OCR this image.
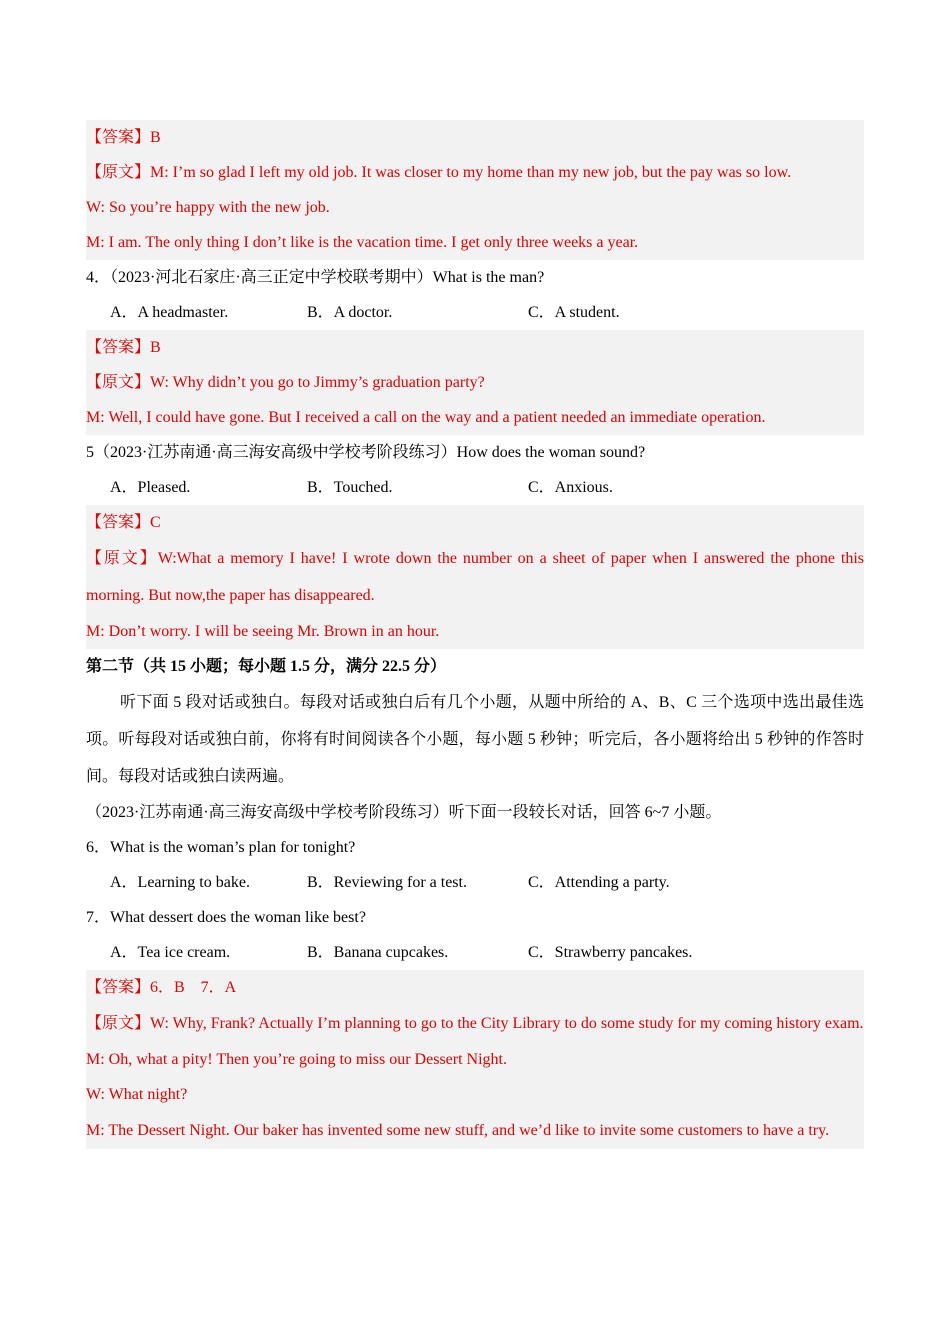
【答案】B
【原文】M: I’m so glad I left my old job. It was closer to my home than my new job, but the pay was so low.
W: So you’re happy with the new job.
M: I am. The only thing I don’t like is the vacation time. I get only three weeks a year.
4．（2023·河北石家庄·高三正定中学校联考期中）What is the man?
A．A headmaster.	B．A doctor.	C．A student.
【答案】B
【原文】W: Why didn’t you go to Jimmy’s graduation party?
M: Well, I could have gone. But I received a call on the way and a patient needed an immediate operation.
5（2023·江苏南通·高三海安高级中学校考阶段练习）How does the woman sound?
A．Pleased.	B．Touched.	C．Anxious.
【答案】C
【原文】W:What a memory I have! I wrote down the number on a sheet of paper when I answered the phone this morning. But now,the paper has disappeared.
M: Don’t worry. I will be seeing Mr. Brown in an hour.
第二节（共 15 小题；每小题 1.5 分，满分 22.5 分）
听下面 5 段对话或独白。每段对话或独白后有几个小题，从题中所给的 A、B、C 三个选项中选出最佳选项。听每段对话或独白前，你将有时间阅读各个小题，每小题 5 秒钟；听完后，各小题将给出 5 秒钟的作答时间。每段对话或独白读两遍。
（2023·江苏南通·高三海安高级中学校考阶段练习）听下面一段较长对话，回答 6~7 小题。
6．What is the woman’s plan for tonight?
A．Learning to bake.	B．Reviewing for a test.	C．Attending a party.
7．What dessert does the woman like best?
A．Tea ice cream.	B．Banana cupcakes.	C．Strawberry pancakes.
【答案】6．B　7．A
【原文】W: Why, Frank? Actually I’m planning to go to the City Library to do some study for my coming history exam.
M: Oh, what a pity! Then you’re going to miss our Dessert Night.
W: What night?
M: The Dessert Night. Our baker has invented some new stuff, and we’d like to invite some customers to have a try.
